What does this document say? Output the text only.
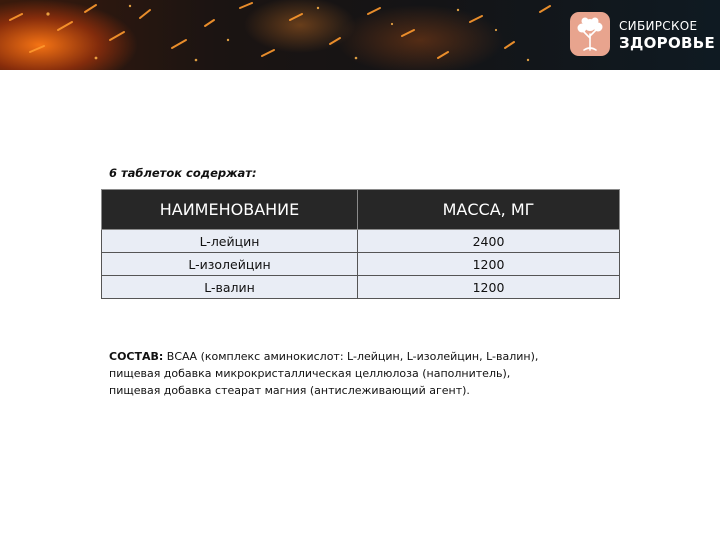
СИБИРСКОЕ
ЗДОРОВЬЕ
6 таблеток содержат:
НАИМЕНОВАНИЕ	МАССА, МГ
L-лейцин	2400
L-изолейцин	1200
L-валин	1200
СОСТАВ: ВСАА (комплекс аминокислот: L-лейцин, L-изолейцин, L-валин),
пищевая добавка микрокристаллическая целлюлоза (наполнитель),
пищевая добавка стеарат магния (антислеживающий агент).
